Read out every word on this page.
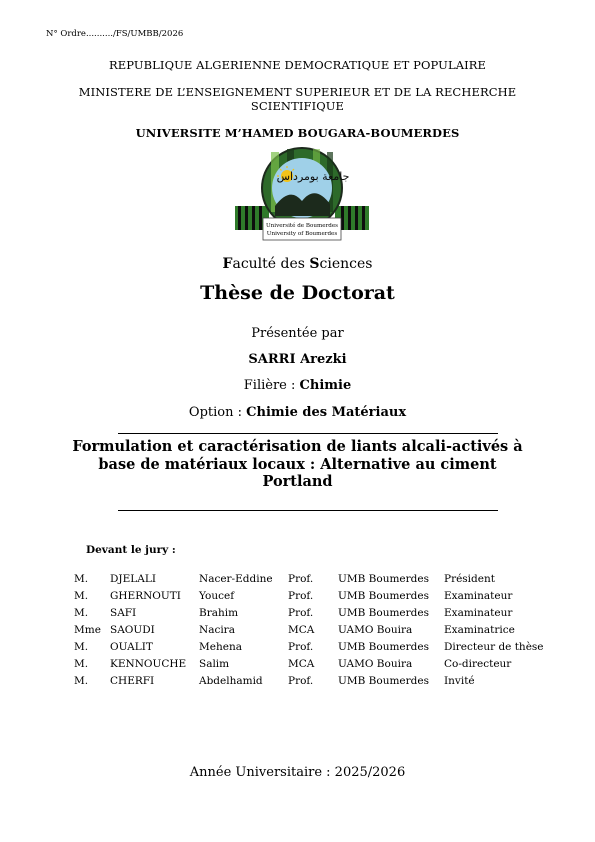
N° Ordre........../FS/UMBB/2026
REPUBLIQUE ALGERIENNE DEMOCRATIQUE ET POPULAIRE
MINISTERE DE L’ENSEIGNEMENT SUPERIEUR ET DE LA RECHERCHE
SCIENTIFIQUE
UNIVERSITE M’HAMED BOUGARA-BOUMERDES
جامعة بومرداس
Université de Boumerdes
University of Boumerdes
Faculté des Sciences
Thèse de Doctorat
Présentée par
SARRI Arezki
Filière : Chimie
Option : Chimie des Matériaux
Formulation et caractérisation de liants alcali-activés à
base de matériaux locaux : Alternative au ciment
Portland
Devant le jury :
M.	DJELALI	Nacer-Eddine	Prof.	UMB Boumerdes	Président
M.	GHERNOUTI	Youcef	Prof.	UMB Boumerdes	Examinateur
M.	SAFI	Brahim	Prof.	UMB Boumerdes	Examinateur
Mme	SAOUDI	Nacira	MCA	UAMO Bouira	Examinatrice
M.	OUALIT	Mehena	Prof.	UMB Boumerdes	Directeur de thèse
M.	KENNOUCHE	Salim	MCA	UAMO Bouira	Co-directeur
M.	CHERFI	Abdelhamid	Prof.	UMB Boumerdes	Invité
Année Universitaire : 2025/2026
